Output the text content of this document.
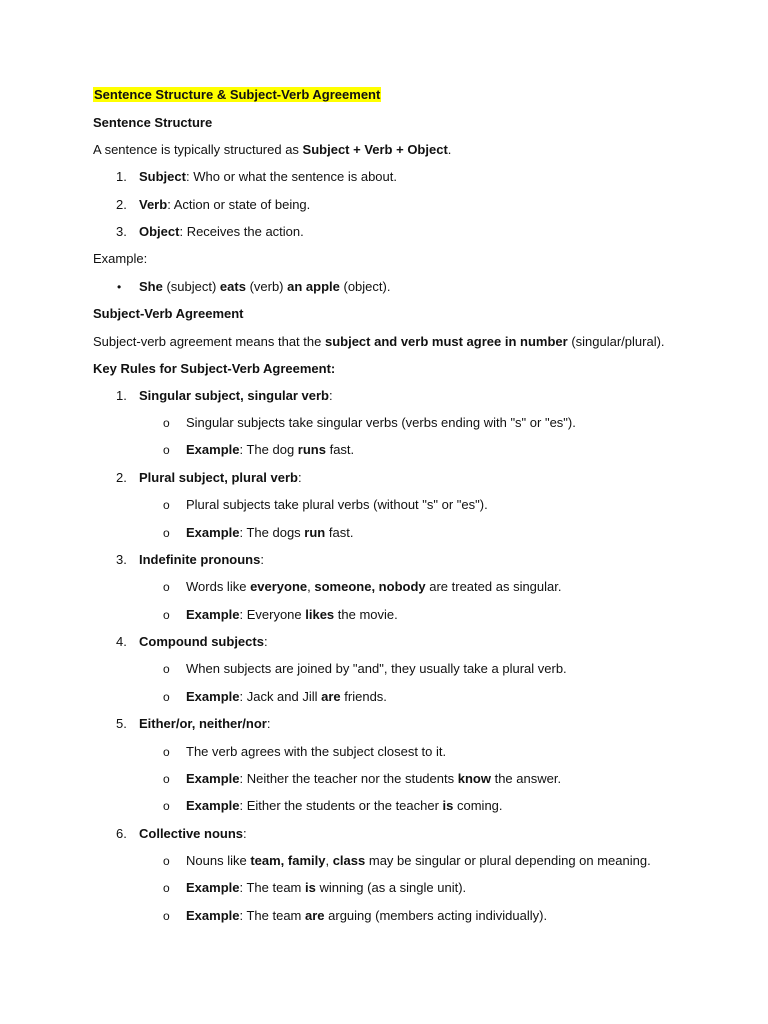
Sentence Structure & Subject-Verb Agreement
Sentence Structure
A sentence is typically structured as Subject + Verb + Object.
1. Subject: Who or what the sentence is about.
2. Verb: Action or state of being.
3. Object: Receives the action.
Example:
• She (subject) eats (verb) an apple (object).
Subject-Verb Agreement
Subject-verb agreement means that the subject and verb must agree in number (singular/plural).
Key Rules for Subject-Verb Agreement:
1. Singular subject, singular verb:
o Singular subjects take singular verbs (verbs ending with "s" or "es").
o Example: The dog runs fast.
2. Plural subject, plural verb:
o Plural subjects take plural verbs (without "s" or "es").
o Example: The dogs run fast.
3. Indefinite pronouns:
o Words like everyone, someone, nobody are treated as singular.
o Example: Everyone likes the movie.
4. Compound subjects:
o When subjects are joined by "and", they usually take a plural verb.
o Example: Jack and Jill are friends.
5. Either/or, neither/nor:
o The verb agrees with the subject closest to it.
o Example: Neither the teacher nor the students know the answer.
o Example: Either the students or the teacher is coming.
6. Collective nouns:
o Nouns like team, family, class may be singular or plural depending on meaning.
o Example: The team is winning (as a single unit).
o Example: The team are arguing (members acting individually).
